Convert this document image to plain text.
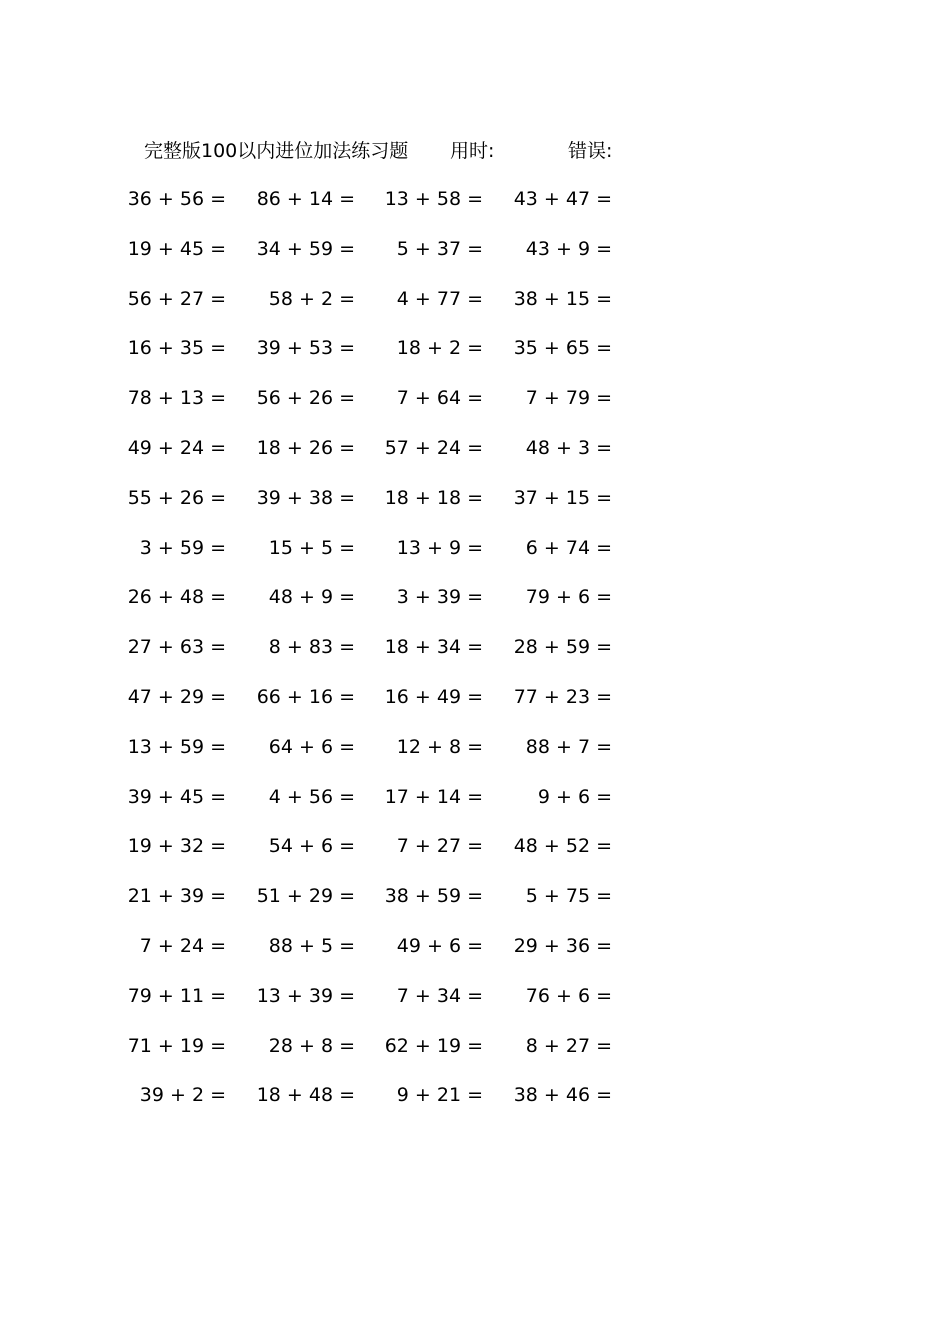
完整版100以内进位加法练习题 用时:	错误:
36 + 56 = 86 + 14 = 13 + 58 = 43 + 47 =
19 + 45 = 34 + 59 = 5 + 37 = 43 + 9 =
56 + 27 = 58 + 2 = 4 + 77 = 38 + 15 =
16 + 35 = 39 + 53 = 18 + 2 = 35 + 65 =
78 + 13 = 56 + 26 = 7 + 64 = 7 + 79 =
49 + 24 = 18 + 26 = 57 + 24 = 48 + 3 =
55 + 26 = 39 + 38 = 18 + 18 = 37 + 15 =
3 + 59 = 15 + 5 = 13 + 9 = 6 + 74 =
26 + 48 = 48 + 9 = 3 + 39 = 79 + 6 =
27 + 63 = 8 + 83 = 18 + 34 = 28 + 59 =
47 + 29 = 66 + 16 = 16 + 49 = 77 + 23 =
13 + 59 = 64 + 6 = 12 + 8 = 88 + 7 =
39 + 45 = 4 + 56 = 17 + 14 =	9 + 6 =
19 + 32 = 54 + 6 = 7 + 27 = 48 + 52 =
21 + 39 = 51 + 29 = 38 + 59 = 5 + 75 =
7 + 24 = 88 + 5 = 49 + 6 = 29 + 36 =
79 + 11 = 13 + 39 = 7 + 34 = 76 + 6 =
71 + 19 = 28 + 8 = 62 + 19 = 8 + 27 =
39 + 2 = 18 + 48 = 9 + 21 = 38 + 46 =
